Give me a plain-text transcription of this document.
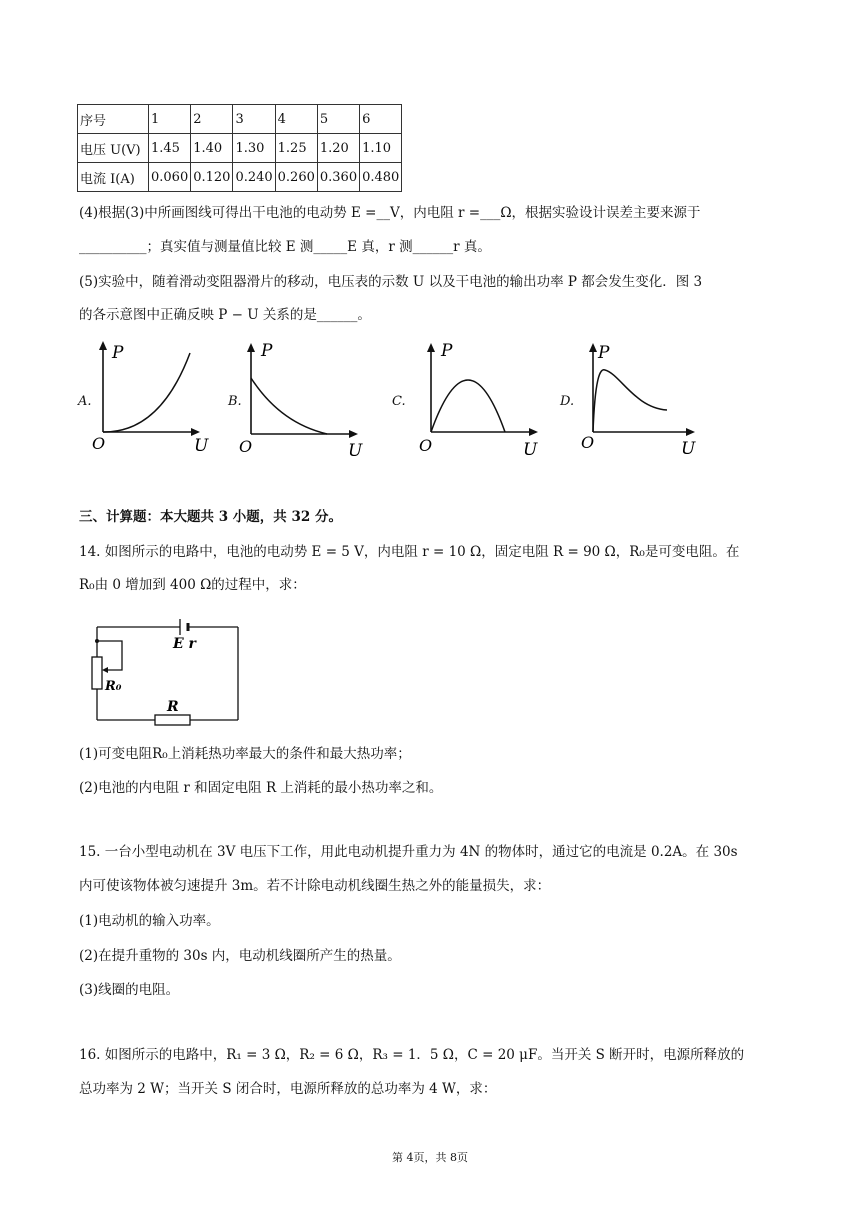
序号	1	2	3	4	5	6
电压 U(V)	1.45	1.40	1.30	1.25	1.20	1.10
电流 I(A)	0.060	0.120	0.240	0.260	0.360	0.480
(4)根据(3)中所画图线可得出干电池的电动势 E =__V，内电阻 r =___Ω，根据实验设计误差主要来源于
__________；真实值与测量值比较 E 测_____E 真，r 测______r 真。
(5)实验中，随着滑动变阻器滑片的移动，电压表的示数 U 以及干电池的输出功率 P 都会发生变化．图 3
的各示意图中正确反映 P − U 关系的是______。
A.
P
O	U
B.
P
O	U
C.
P
O	U
D.
P
O	U
三、计算题：本大题共 3 小题，共 32 分。
14. 如图所示的电路中，电池的电动势 E = 5 V，内电阻 r = 10 Ω，固定电阻 R = 90 Ω，R₀是可变电阻。在
R₀由 0 增加到 400 Ω的过程中，求：
E r
R₀
R
(1)可变电阻R₀上消耗热功率最大的条件和最大热功率；
(2)电池的内电阻 r 和固定电阻 R 上消耗的最小热功率之和。
15. 一台小型电动机在 3V 电压下工作，用此电动机提升重力为 4N 的物体时，通过它的电流是 0.2A。在 30s
内可使该物体被匀速提升 3m。若不计除电动机线圈生热之外的能量损失，求：
(1)电动机的输入功率。
(2)在提升重物的 30s 内，电动机线圈所产生的热量。
(3)线圈的电阻。
16. 如图所示的电路中，R₁ = 3 Ω，R₂ = 6 Ω，R₃ = 1．5 Ω，C = 20 μF。当开关 S 断开时，电源所释放的
总功率为 2 W；当开关 S 闭合时，电源所释放的总功率为 4 W，求：
第 4页，共 8页
